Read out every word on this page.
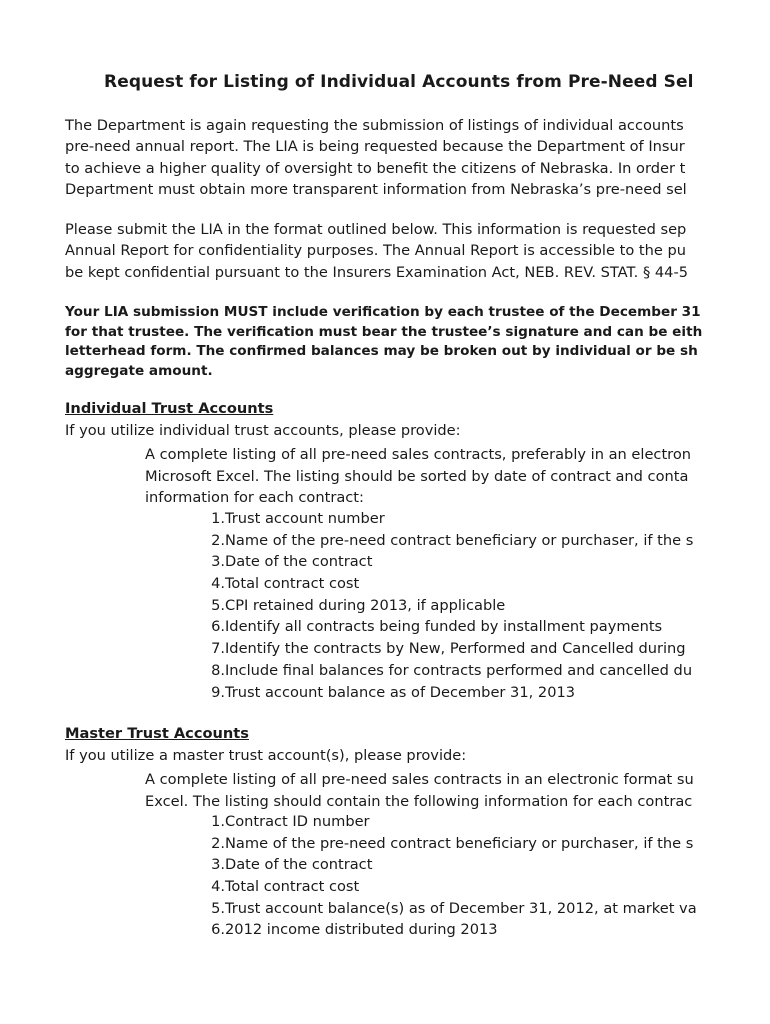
Request for Listing of Individual Accounts from Pre-Need Sel

The Department is again requesting the submission of listings of individual accounts
pre-need annual report. The LIA is being requested because the Department of Insur
to achieve a higher quality of oversight to benefit the citizens of Nebraska. In order t
Department must obtain more transparent information from Nebraska’s pre-need sel

Please submit the LIA in the format outlined below. This information is requested sep
Annual Report for confidentiality purposes. The Annual Report is accessible to the pu
be kept confidential pursuant to the Insurers Examination Act, NEB. REV. STAT. § 44-5

Your LIA submission MUST include verification by each trustee of the December 31
for that trustee. The verification must bear the trustee’s signature and can be eith
letterhead form. The confirmed balances may be broken out by individual or be sh
aggregate amount.

Individual Trust Accounts
If you utilize individual trust accounts, please provide:

A complete listing of all pre-need sales contracts, preferably in an electron
Microsoft Excel. The listing should be sorted by date of contract and conta
information for each contract:

1. Trust account number
2. Name of the pre-need contract beneficiary or purchaser, if the s
3. Date of the contract
4. Total contract cost
5. CPI retained during 2013, if applicable
6. Identify all contracts being funded by installment payments
7. Identify the contracts by New, Performed and Cancelled during
8. Include final balances for contracts performed and cancelled du
9. Trust account balance as of December 31, 2013
Master Trust Accounts
If you utilize a master trust account(s), please provide:

A complete listing of all pre-need sales contracts in an electronic format su
Excel. The listing should contain the following information for each contrac

1. Contract ID number
2. Name of the pre-need contract beneficiary or purchaser, if the s
3. Date of the contract
4. Total contract cost
5. Trust account balance(s) as of December 31, 2012, at market va
6. 2012 income distributed during 2013
